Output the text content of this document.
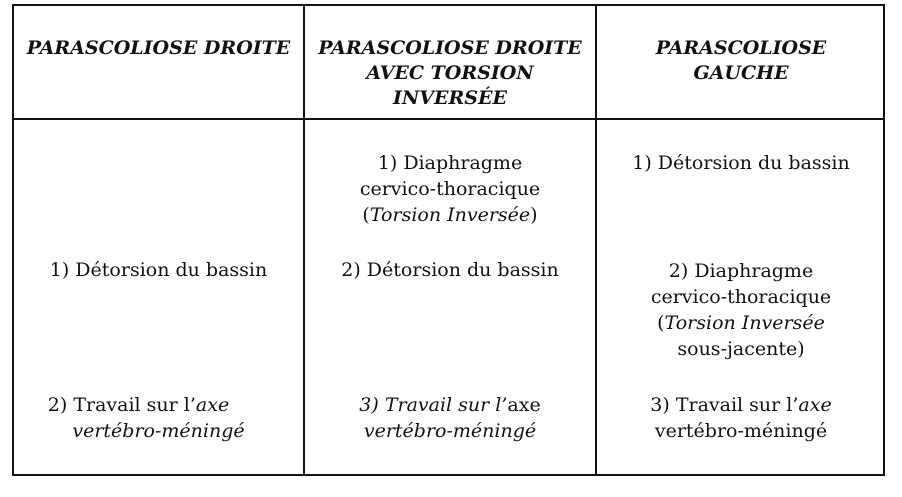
PARASCOLIOSE DROITE	PARASCOLIOSE DROITE
AVEC TORSION
INVERSÉE
PARASCOLIOSE
GAUCHE
1) Détorsion du bassin
2) Travail sur l’axe
vertébro-méningé
1) Diaphragme
cervico-thoracique
(Torsion Inversée)
2) Détorsion du bassin
3) Travail sur l’axe
vertébro-méningé
1) Détorsion du bassin
2) Diaphragme
cervico-thoracique
(Torsion Inversée
sous-jacente)
3) Travail sur l’axe
vertébro-méningé
